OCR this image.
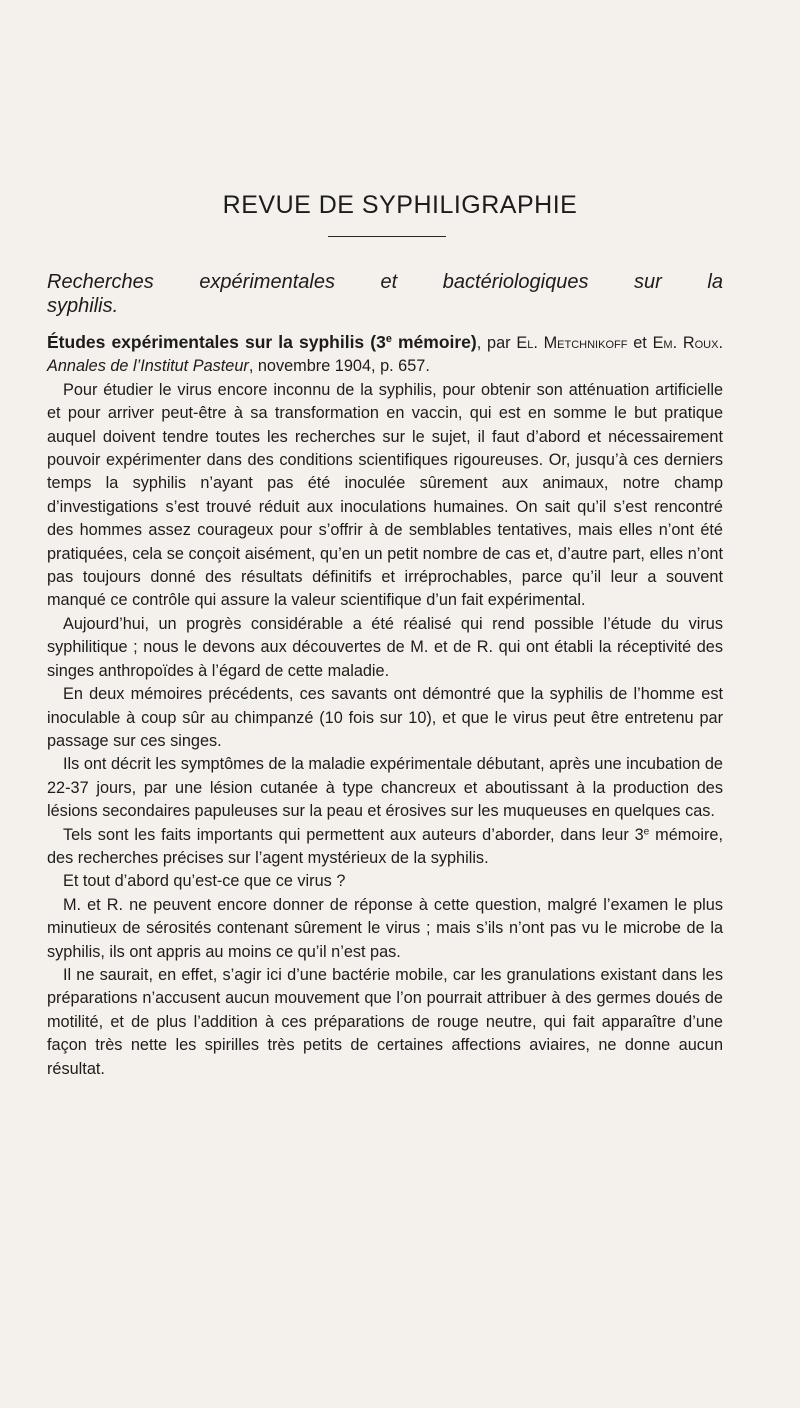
REVUE DE SYPHILIGRAPHIE
Recherches expérimentales et bactériologiques sur la
syphilis.

Études expérimentales sur la syphilis (3e mémoire), par El. Metchnikoff et Em. Roux. Annales de l’Institut Pasteur, novembre 1904, p. 657.

Pour étudier le virus encore inconnu de la syphilis, pour obtenir son atténuation artificielle et pour arriver peut-être à sa transformation en vaccin, qui est en somme le but pratique auquel doivent tendre toutes les recherches sur le sujet, il faut d’abord et nécessairement pouvoir expérimenter dans des conditions scientifiques rigoureuses. Or, jusqu’à ces derniers temps la syphilis n’ayant pas été inoculée sûrement aux animaux, notre champ d’investigations s’est trouvé réduit aux inoculations humaines. On sait qu’il s’est rencontré des hommes assez courageux pour s’offrir à de semblables tentatives, mais elles n’ont été pratiquées, cela se conçoit aisément, qu’en un petit nombre de cas et, d’autre part, elles n’ont pas toujours donné des résultats définitifs et irréprochables, parce qu’il leur a souvent manqué ce contrôle qui assure la valeur scientifique d’un fait expérimental.

Aujourd’hui, un progrès considérable a été réalisé qui rend possible l’étude du virus syphilitique ; nous le devons aux découvertes de M. et de R. qui ont établi la réceptivité des singes anthropoïdes à l’égard de cette maladie.

En deux mémoires précédents, ces savants ont démontré que la syphilis de l’homme est inoculable à coup sûr au chimpanzé (10 fois sur 10), et que le virus peut être entretenu par passage sur ces singes.

Ils ont décrit les symptômes de la maladie expérimentale débutant, après une incubation de 22-37 jours, par une lésion cutanée à type chancreux et aboutissant à la production des lésions secondaires papuleuses sur la peau et érosives sur les muqueuses en quelques cas.

Tels sont les faits importants qui permettent aux auteurs d’aborder, dans leur 3e mémoire, des recherches précises sur l’agent mystérieux de la syphilis.

Et tout d’abord qu’est-ce que ce virus ?

M. et R. ne peuvent encore donner de réponse à cette question, malgré l’examen le plus minutieux de sérosités contenant sûrement le virus ; mais s’ils n’ont pas vu le microbe de la syphilis, ils ont appris au moins ce qu’il n’est pas.

Il ne saurait, en effet, s’agir ici d’une bactérie mobile, car les granulations existant dans les préparations n’accusent aucun mouvement que l’on pourrait attribuer à des germes doués de motilité, et de plus l’addition à ces préparations de rouge neutre, qui fait apparaître d’une façon très nette les spirilles très petits de certaines affections aviaires, ne donne aucun résultat.
